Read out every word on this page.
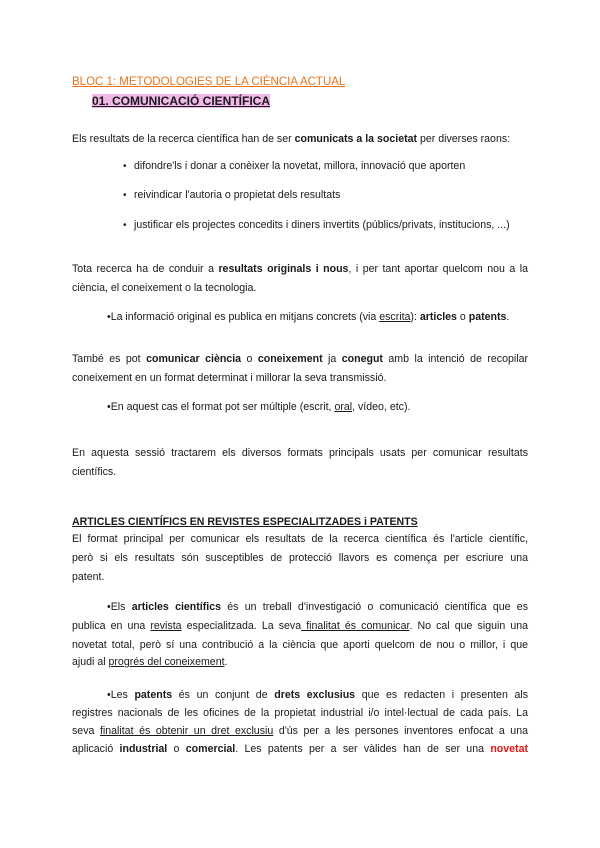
BLOC 1: METODOLOGIES DE LA CIÈNCIA ACTUAL
01. COMUNICACIÓ CIENTÍFICA
Els resultats de la recerca científica han de ser comunicats a la societat per diverses raons:
• difondre'ls i donar a conèixer la novetat, millora, innovació que aporten
• reivindicar l'autoria o propietat dels resultats
• justificar els projectes concedits i diners invertits (públics/privats, institucions, ...)
Tota recerca ha de conduir a resultats originals i nous, i per tant aportar quelcom nou a la
ciència, el coneixement o la tecnologia.
•La informació original es publica en mitjans concrets (via escrita): articles o patents.
També es pot comunicar ciència o coneixement ja conegut amb la intenció de recopilar
coneixement en un format determinat i millorar la seva transmissió.
•En aquest cas el format pot ser múltiple (escrit, oral, vídeo, etc).
En aquesta sessió tractarem els diversos formats principals usats per comunicar resultats
científics.
ARTICLES CIENTÍFICS EN REVISTES ESPECIALITZADES i PATENTS
El format principal per comunicar els resultats de la recerca científica és l'article científic,
però si els resultats són susceptibles de protecció llavors es comença per escriure una
patent.
•Els articles científics és un treball d'investigació o comunicació científica que es
publica en una revista especialitzada. La seva finalitat és comunicar. No cal que siguin una
novetat total, però sí una contribució a la ciència que aporti quelcom de nou o millor, i que
ajudi al progrés del coneixement.
•Les patents és un conjunt de drets exclusius que es redacten i presenten als
registres nacionals de les oficines de la propietat industrial i/o intel·lectual de cada país. La
seva finalitat és obtenir un dret exclusiu d'ús per a les persones inventores enfocat a una
aplicació industrial o comercial. Les patents per a ser vàlides han de ser una novetat
